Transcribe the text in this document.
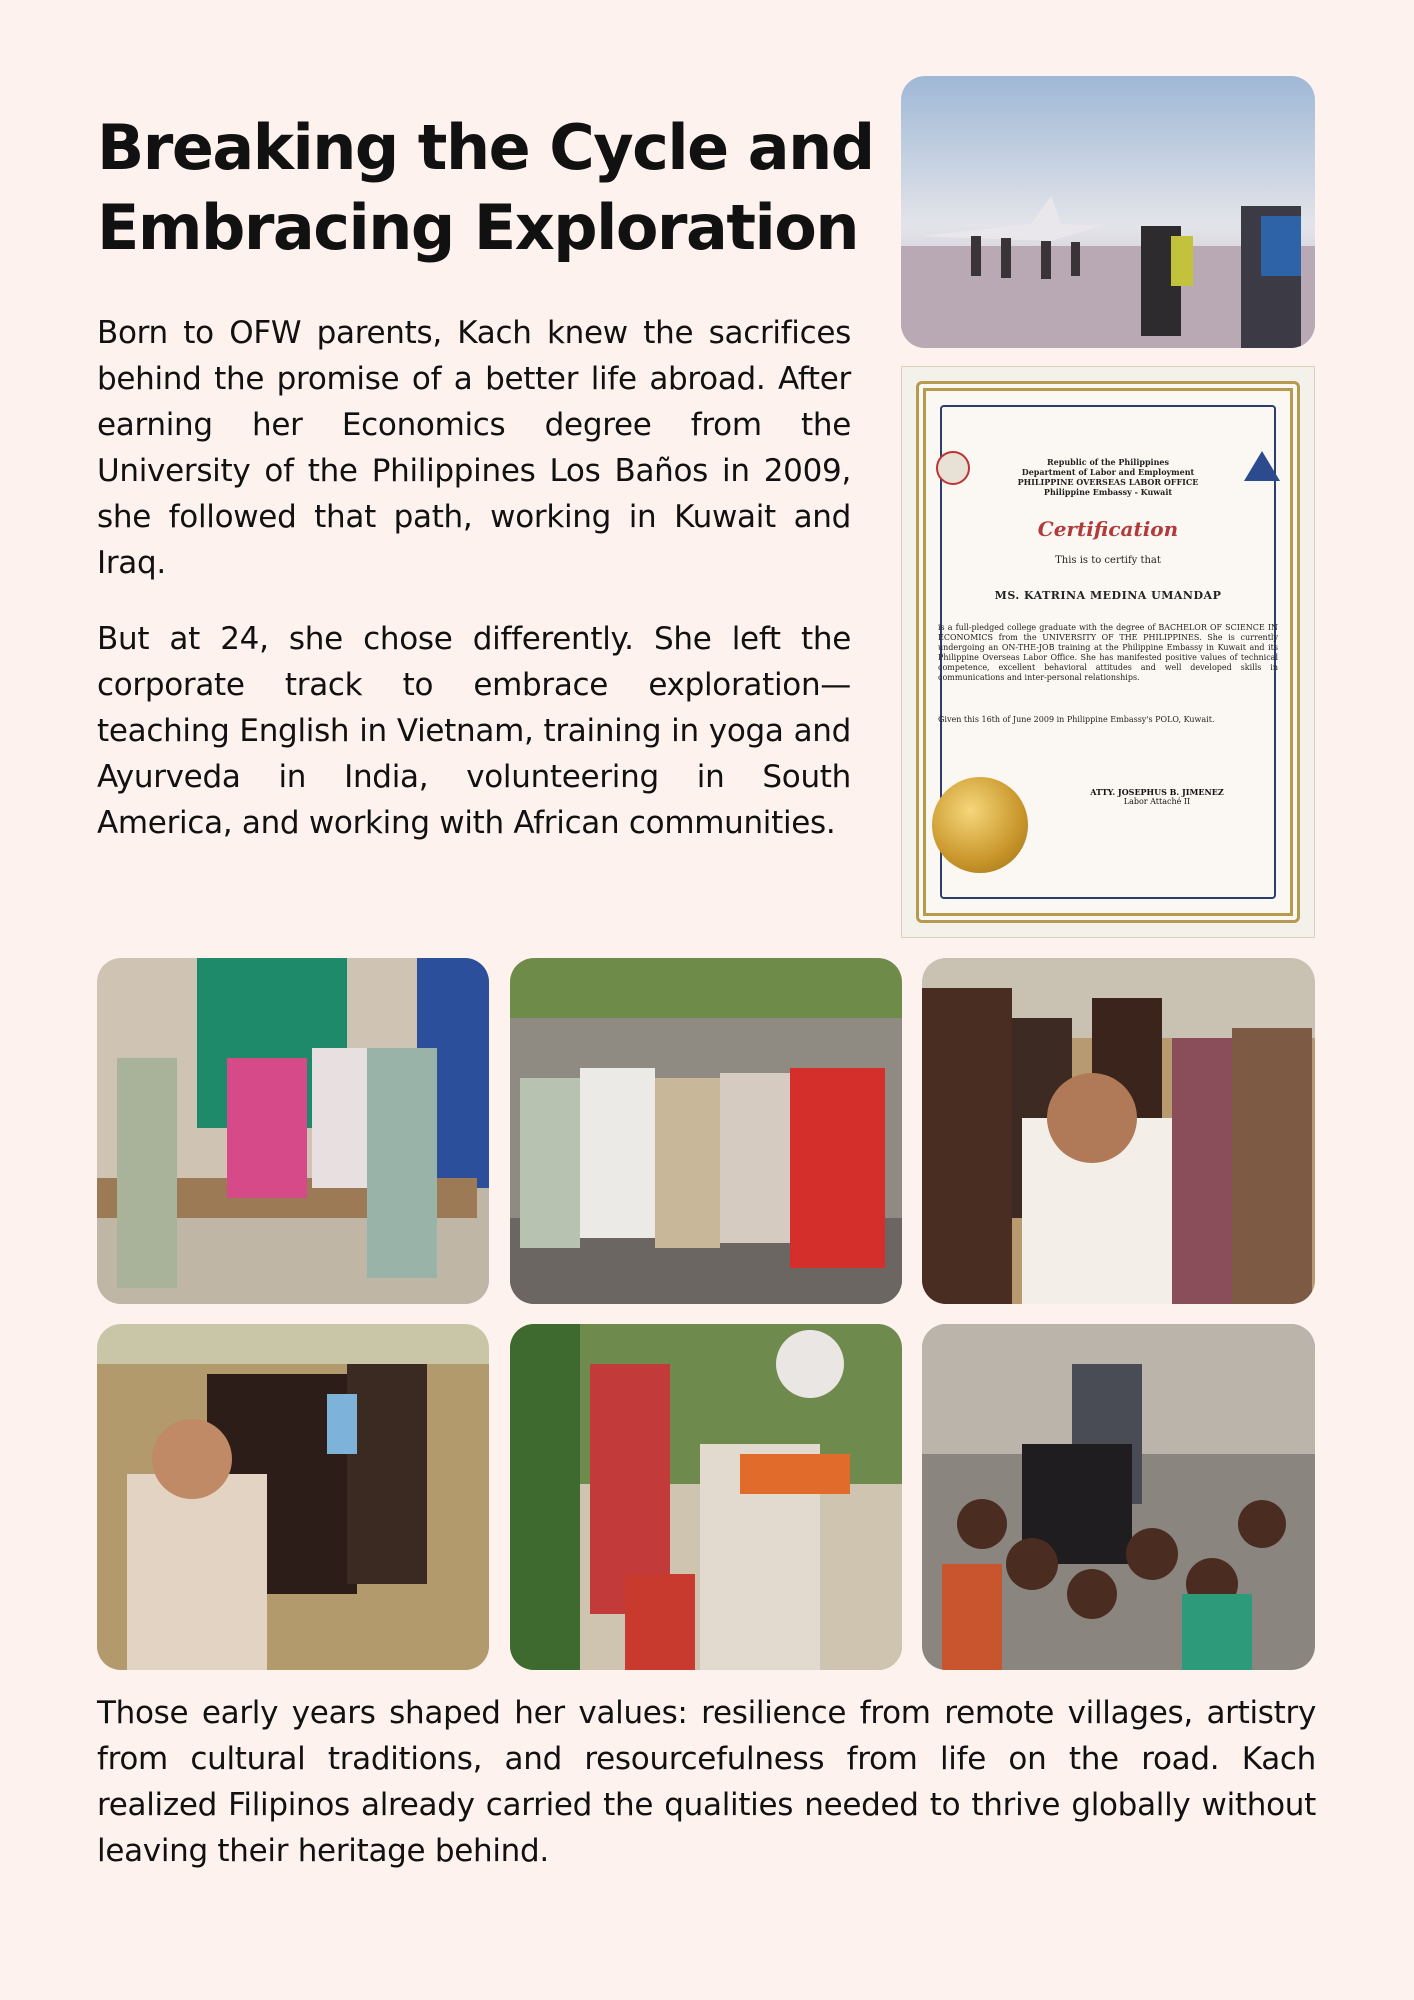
Breaking the Cycle and Embracing Exploration

Born to OFW parents, Kach knew the sacrifices behind the promise of a better life abroad. After earning her Economics degree from the University of the Philippines Los Baños in 2009, she followed that path, working in Kuwait and Iraq.

But at 24, she chose differently. She left the corporate track to embrace exploration—teaching English in Vietnam, training in yoga and Ayurveda in India, volunteering in South America, and working with African communities.

Republic of the Philippines
Department of Labor and Employment
PHILIPPINE OVERSEAS LABOR OFFICE
Philippine Embassy - Kuwait
Certification
This is to certify that
MS. KATRINA MEDINA UMANDAP
is a full-pledged college graduate with the degree of BACHELOR OF SCIENCE IN ECONOMICS from the UNIVERSITY OF THE PHILIPPINES. She is currently undergoing an ON-THE-JOB training at the Philippine Embassy in Kuwait and its Philippine Overseas Labor Office. She has manifested positive values of technical competence, excellent behavioral attitudes and well developed skills in communications and inter-personal relationships.
Given this 16th of June 2009 in Philippine Embassy's POLO, Kuwait.
ATTY. JOSEPHUS B. JIMENEZ
Labor Attaché II

Those early years shaped her values: resilience from remote villages, artistry from cultural traditions, and resourcefulness from life on the road. Kach realized Filipinos already carried the qualities needed to thrive globally without leaving their heritage behind.
